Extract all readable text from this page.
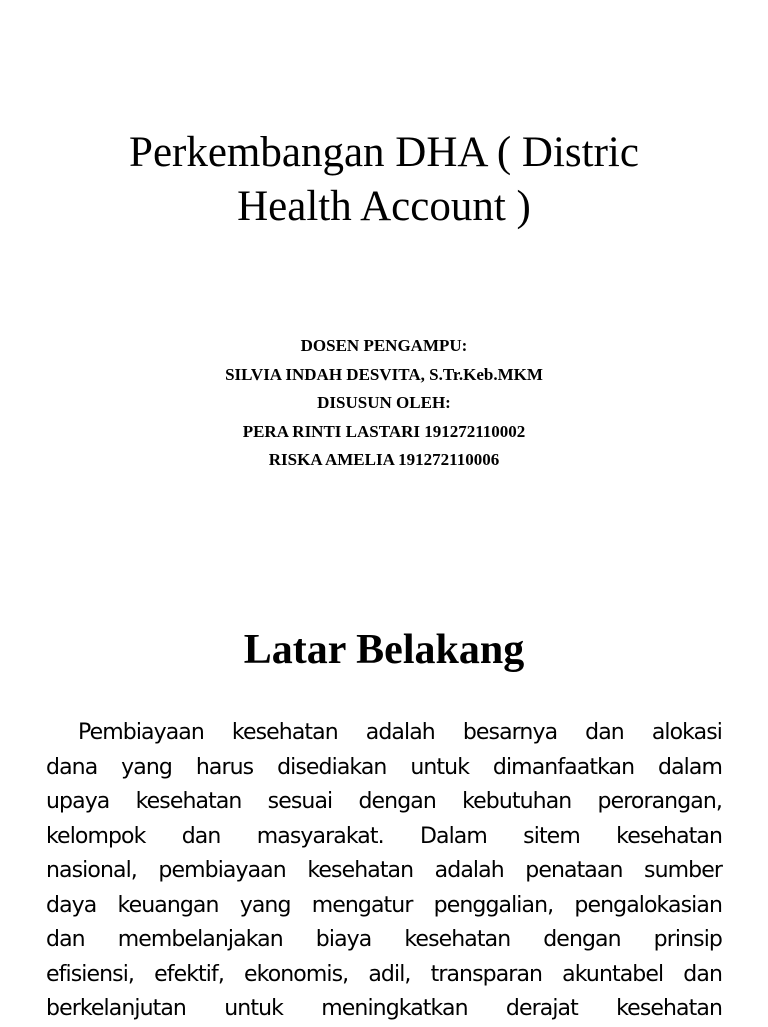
Perkembangan DHA ( Distric
Health Account )
DOSEN PENGAMPU:
SILVIA INDAH DESVITA, S.Tr.Keb.MKM
DISUSUN OLEH:
PERA RINTI LASTARI 191272110002
RISKA AMELIA 191272110006
Latar Belakang

Pembiayaan kesehatan adalah besarnya dan alokasi
dana yang harus disediakan untuk dimanfaatkan dalam
upaya kesehatan sesuai dengan kebutuhan perorangan,
kelompok dan masyarakat. Dalam sitem kesehatan
nasional, pembiayaan kesehatan adalah penataan sumber
daya keuangan yang mengatur penggalian, pengalokasian
dan membelanjakan biaya kesehatan dengan prinsip
efisiensi, efektif, ekonomis, adil, transparan akuntabel dan
berkelanjutan untuk meningkatkan derajat kesehatan
